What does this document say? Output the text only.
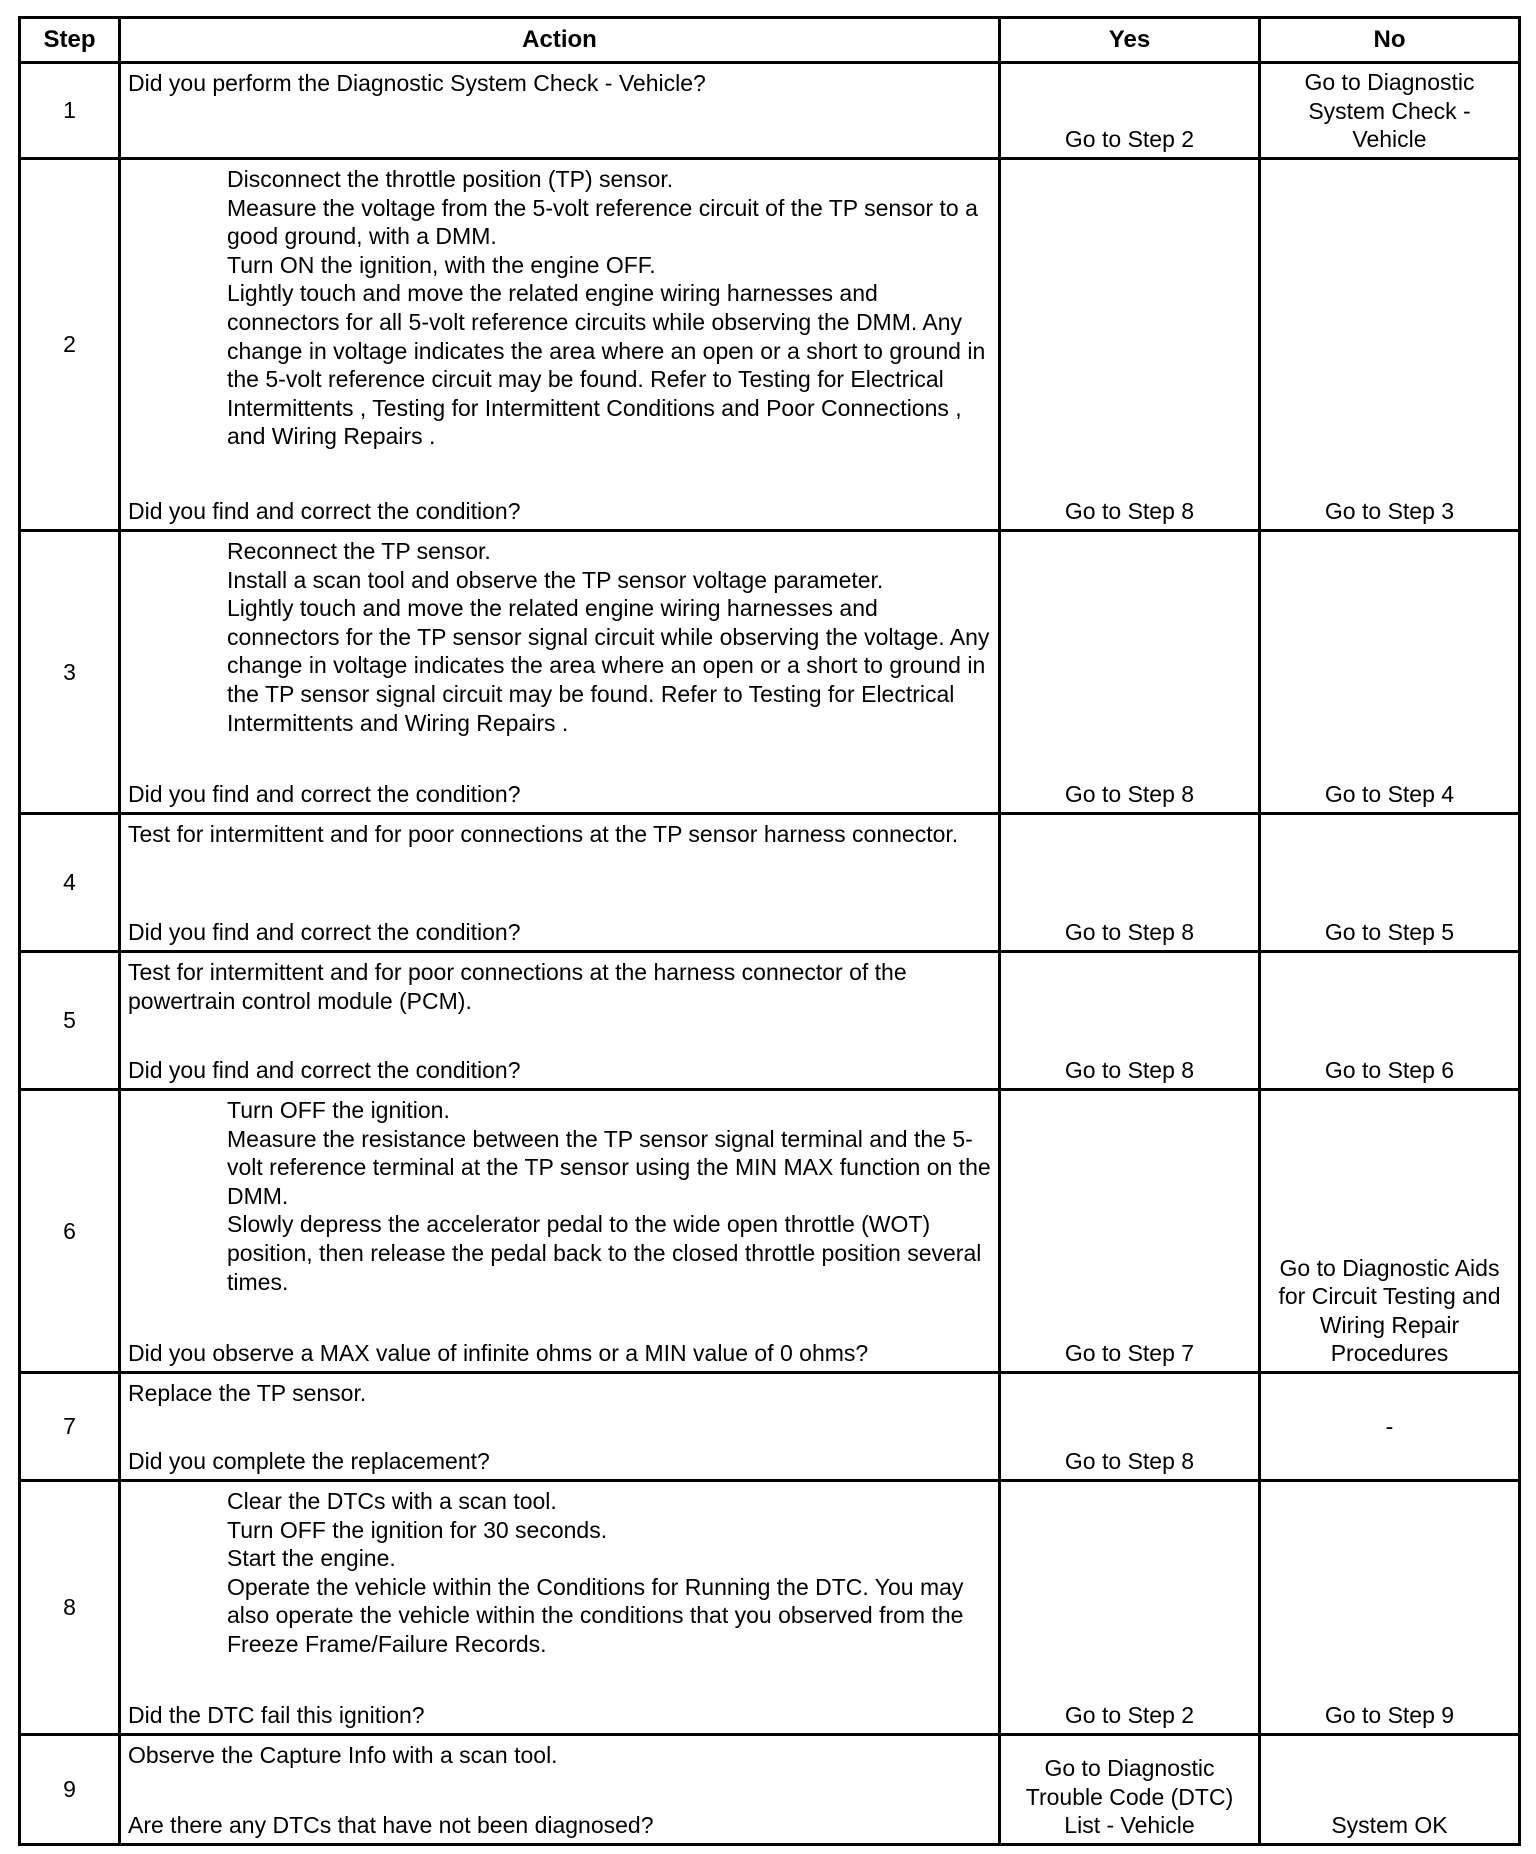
Step	Action	Yes	No
1	Did you perform the Diagnostic System Check - Vehicle?	Go to Step 2	Go to Diagnostic System Check - Vehicle

2	Disconnect the throttle position (TP) sensor.

Measure the voltage from the 5-volt reference circuit of the TP sensor to a good ground, with a DMM.

Turn ON the ignition, with the engine OFF.

Lightly touch and move the related engine wiring harnesses and connectors for all 5-volt reference circuits while observing the DMM. Any change in voltage indicates the area where an open or a short to ground in the 5-volt reference circuit may be found. Refer to Testing for Electrical Intermittents , Testing for Intermittent Conditions and Poor Connections , and Wiring Repairs .

Did you find and correct the condition?	Go to Step 8	Go to Step 3

3	Reconnect the TP sensor.

Install a scan tool and observe the TP sensor voltage parameter.

Lightly touch and move the related engine wiring harnesses and connectors for the TP sensor signal circuit while observing the voltage. Any change in voltage indicates the area where an open or a short to ground in the TP sensor signal circuit may be found. Refer to Testing for Electrical Intermittents and Wiring Repairs .

Did you find and correct the condition?	Go to Step 8	Go to Step 4

4	Test for intermittent and for poor connections at the TP sensor harness connector.
Did you find and correct the condition?	Go to Step 8	Go to Step 5

5	Test for intermittent and for poor connections at the harness connector of the powertrain control module (PCM).
Did you find and correct the condition?	Go to Step 8	Go to Step 6

6	Turn OFF the ignition.

Measure the resistance between the TP sensor signal terminal and the 5-volt reference terminal at the TP sensor using the MIN MAX function on the DMM.

Slowly depress the accelerator pedal to the wide open throttle (WOT) position, then release the pedal back to the closed throttle position several times.

Did you observe a MAX value of infinite ohms or a MIN value of 0 ohms?	Go to Step 7	Go to Diagnostic Aids for Circuit Testing and Wiring Repair Procedures

7	Replace the TP sensor.
Did you complete the replacement?	Go to Step 8	-

8	Clear the DTCs with a scan tool.

Turn OFF the ignition for 30 seconds.

Start the engine.

Operate the vehicle within the Conditions for Running the DTC. You may also operate the vehicle within the conditions that you observed from the Freeze Frame/Failure Records.

Did the DTC fail this ignition?	Go to Step 2	Go to Step 9

9	Observe the Capture Info with a scan tool.
Are there any DTCs that have not been diagnosed?	Go to Diagnostic Trouble Code (DTC) List - Vehicle	System OK
